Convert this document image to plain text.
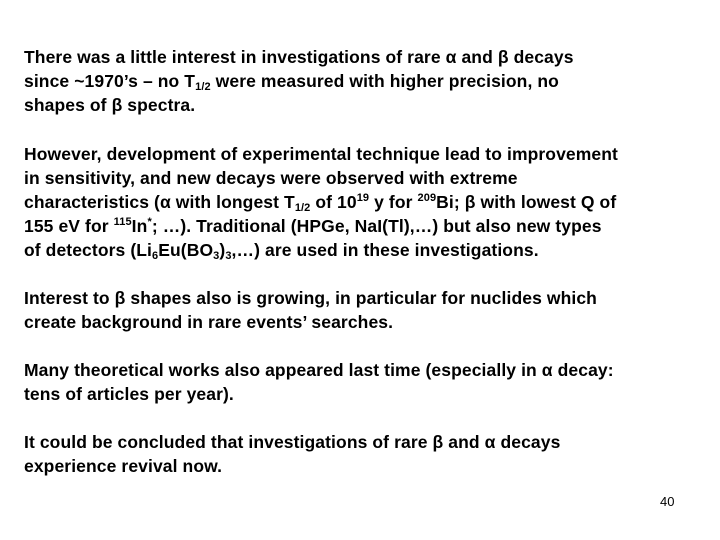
There was a little interest in investigations of rare α and β decays
since ~1970’s – no $T_{1/2}$ were measured with higher precision, no
shapes of β spectra.
However, development of experimental technique lead to improvement
in sensitivity, and new decays were observed with extreme
characteristics (α with longest $T_{1/2}$ of $10^{19}$ y for $^{209}$Bi; β with lowest Q of
155 eV for $^{115}$In*; …). Traditional (HPGe, NaI(Tl),…) but also new types
of detectors $(Li_6Eu(BO_3)_3,\dots)$ are used in these investigations.
Interest to β shapes also is growing, in particular for nuclides which
create background in rare events’ searches.
Many theoretical works also appeared last time (especially in α decay:
tens of articles per year).
It could be concluded that investigations of rare β and α decays
experience revival now.
40
